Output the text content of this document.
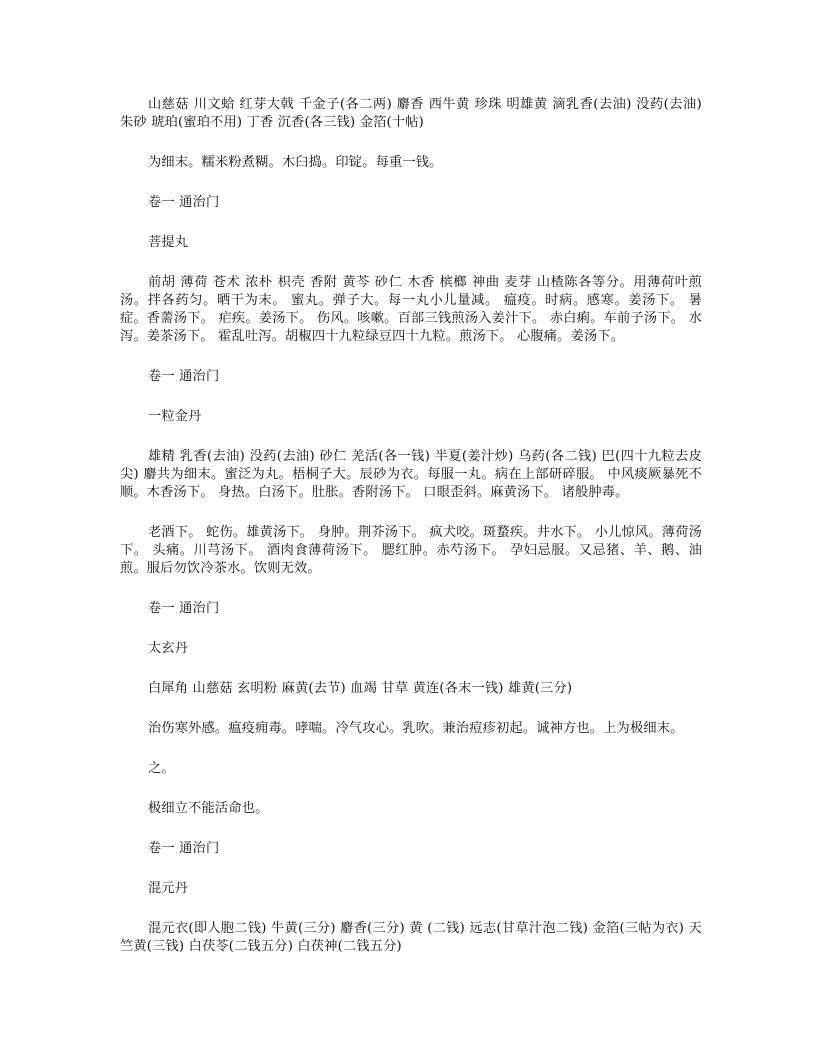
山慈菇 川文蛤 红芽大戟 千金子(各二两) 麝香 西牛黄 珍珠 明雄黄 滴乳香(去油) 没药(去油) 朱砂 琥珀(蜜珀不用) 丁香 沉香(各三钱) 金箔(十帖)

为细末。糯米粉煮糊。木臼捣。印锭。每重一钱。

卷一 通治门

菩提丸

前胡 薄荷 苍术 浓朴 枳壳 香附 黄芩 砂仁 木香 槟榔 神曲 麦芽 山楂陈各等分。用薄荷叶煎汤。拌各药匀。晒干为末。 蜜丸。弹子大。每一丸小儿量减。 瘟疫。时病。感寒。姜汤下。 暑症。香薷汤下。 疟疾。姜汤下。 伤风。咳嗽。百部三钱煎汤入姜汁下。 赤白痢。车前子汤下。 水泻。姜茶汤下。 霍乱吐泻。胡椒四十九粒绿豆四十九粒。煎汤下。 心腹痛。姜汤下。

卷一 通治门

一粒金丹

雄精 乳香(去油) 没药(去油) 砂仁 羌活(各一钱) 半夏(姜汁炒) 乌药(各二钱) 巴(四十九粒去皮尖) 麝共为细末。蜜泛为丸。梧桐子大。辰砂为衣。每服一丸。病在上部研碎服。 中风痰厥暴死不顺。木香汤下。 身热。白汤下。肚胀。香附汤下。 口眼歪斜。麻黄汤下。 诸般肿毒。

老酒下。 蛇伤。雄黄汤下。 身肿。荆芥汤下。 疯犬咬。斑蝥疾。井水下。 小儿惊风。薄荷汤下。 头痛。川芎汤下。 酒肉食薄荷汤下。 腮红肿。赤芍汤下。 孕妇忌服。又忌猪、羊、鹅、油煎。服后勿饮冷茶水。饮则无效。

卷一 通治门

太玄丹

白犀角 山慈菇 玄明粉 麻黄(去节) 血竭 甘草 黄连(各末一钱) 雄黄(三分)

治伤寒外感。瘟疫痈毒。哮喘。冷气攻心。乳吹。兼治痘疹初起。诚神方也。上为极细末。

之。

极细立不能活命也。

卷一 通治门

混元丹

混元衣(即人胞二钱) 牛黄(三分) 麝香(三分) 黄 (二钱) 远志(甘草汁泡二钱) 金箔(三帖为衣) 天竺黄(三钱) 白茯苓(二钱五分) 白茯神(二钱五分)
